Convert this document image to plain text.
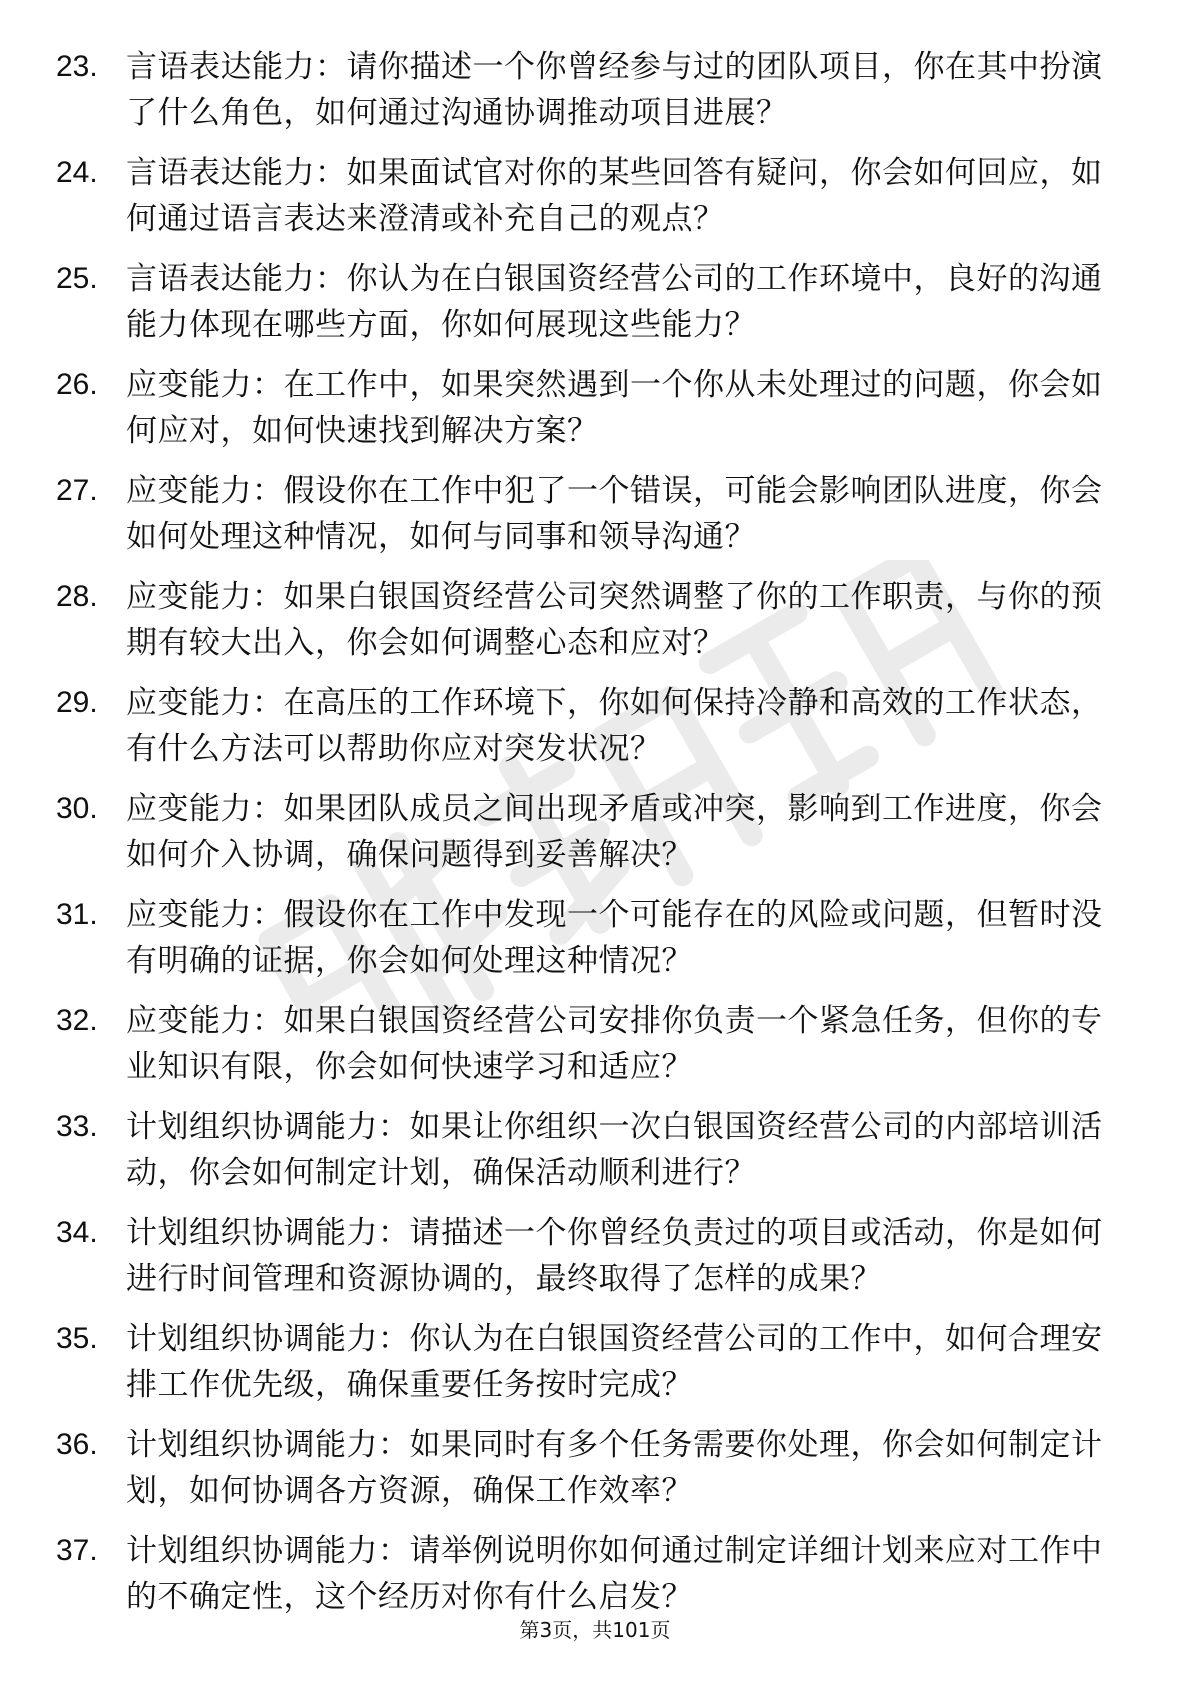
23. 言语表达能力：请你描述一个你曾经参与过的团队项目，你在其中扮演了什么角色，如何通过沟通协调推动项目进展？
24. 言语表达能力：如果面试官对你的某些回答有疑问，你会如何回应，如何通过语言表达来澄清或补充自己的观点？
25. 言语表达能力：你认为在白银国资经营公司的工作环境中，良好的沟通能力体现在哪些方面，你如何展现这些能力？
26. 应变能力：在工作中，如果突然遇到一个你从未处理过的问题，你会如何应对，如何快速找到解决方案？
27. 应变能力：假设你在工作中犯了一个错误，可能会影响团队进度，你会如何处理这种情况，如何与同事和领导沟通？
28. 应变能力：如果白银国资经营公司突然调整了你的工作职责，与你的预期有较大出入，你会如何调整心态和应对？
29. 应变能力：在高压的工作环境下，你如何保持冷静和高效的工作状态，有什么方法可以帮助你应对突发状况？
30. 应变能力：如果团队成员之间出现矛盾或冲突，影响到工作进度，你会如何介入协调，确保问题得到妥善解决？
31. 应变能力：假设你在工作中发现一个可能存在的风险或问题，但暂时没有明确的证据，你会如何处理这种情况？
32. 应变能力：如果白银国资经营公司安排你负责一个紧急任务，但你的专业知识有限，你会如何快速学习和适应？
33. 计划组织协调能力：如果让你组织一次白银国资经营公司的内部培训活动，你会如何制定计划，确保活动顺利进行？
34. 计划组织协调能力：请描述一个你曾经负责过的项目或活动，你是如何进行时间管理和资源协调的，最终取得了怎样的成果？
35. 计划组织协调能力：你认为在白银国资经营公司的工作中，如何合理安排工作优先级，确保重要任务按时完成？
36. 计划组织协调能力：如果同时有多个任务需要你处理，你会如何制定计划，如何协调各方资源，确保工作效率？
37. 计划组织协调能力：请举例说明你如何通过制定详细计划来应对工作中的不确定性，这个经历对你有什么启发？
第3页，共101页
